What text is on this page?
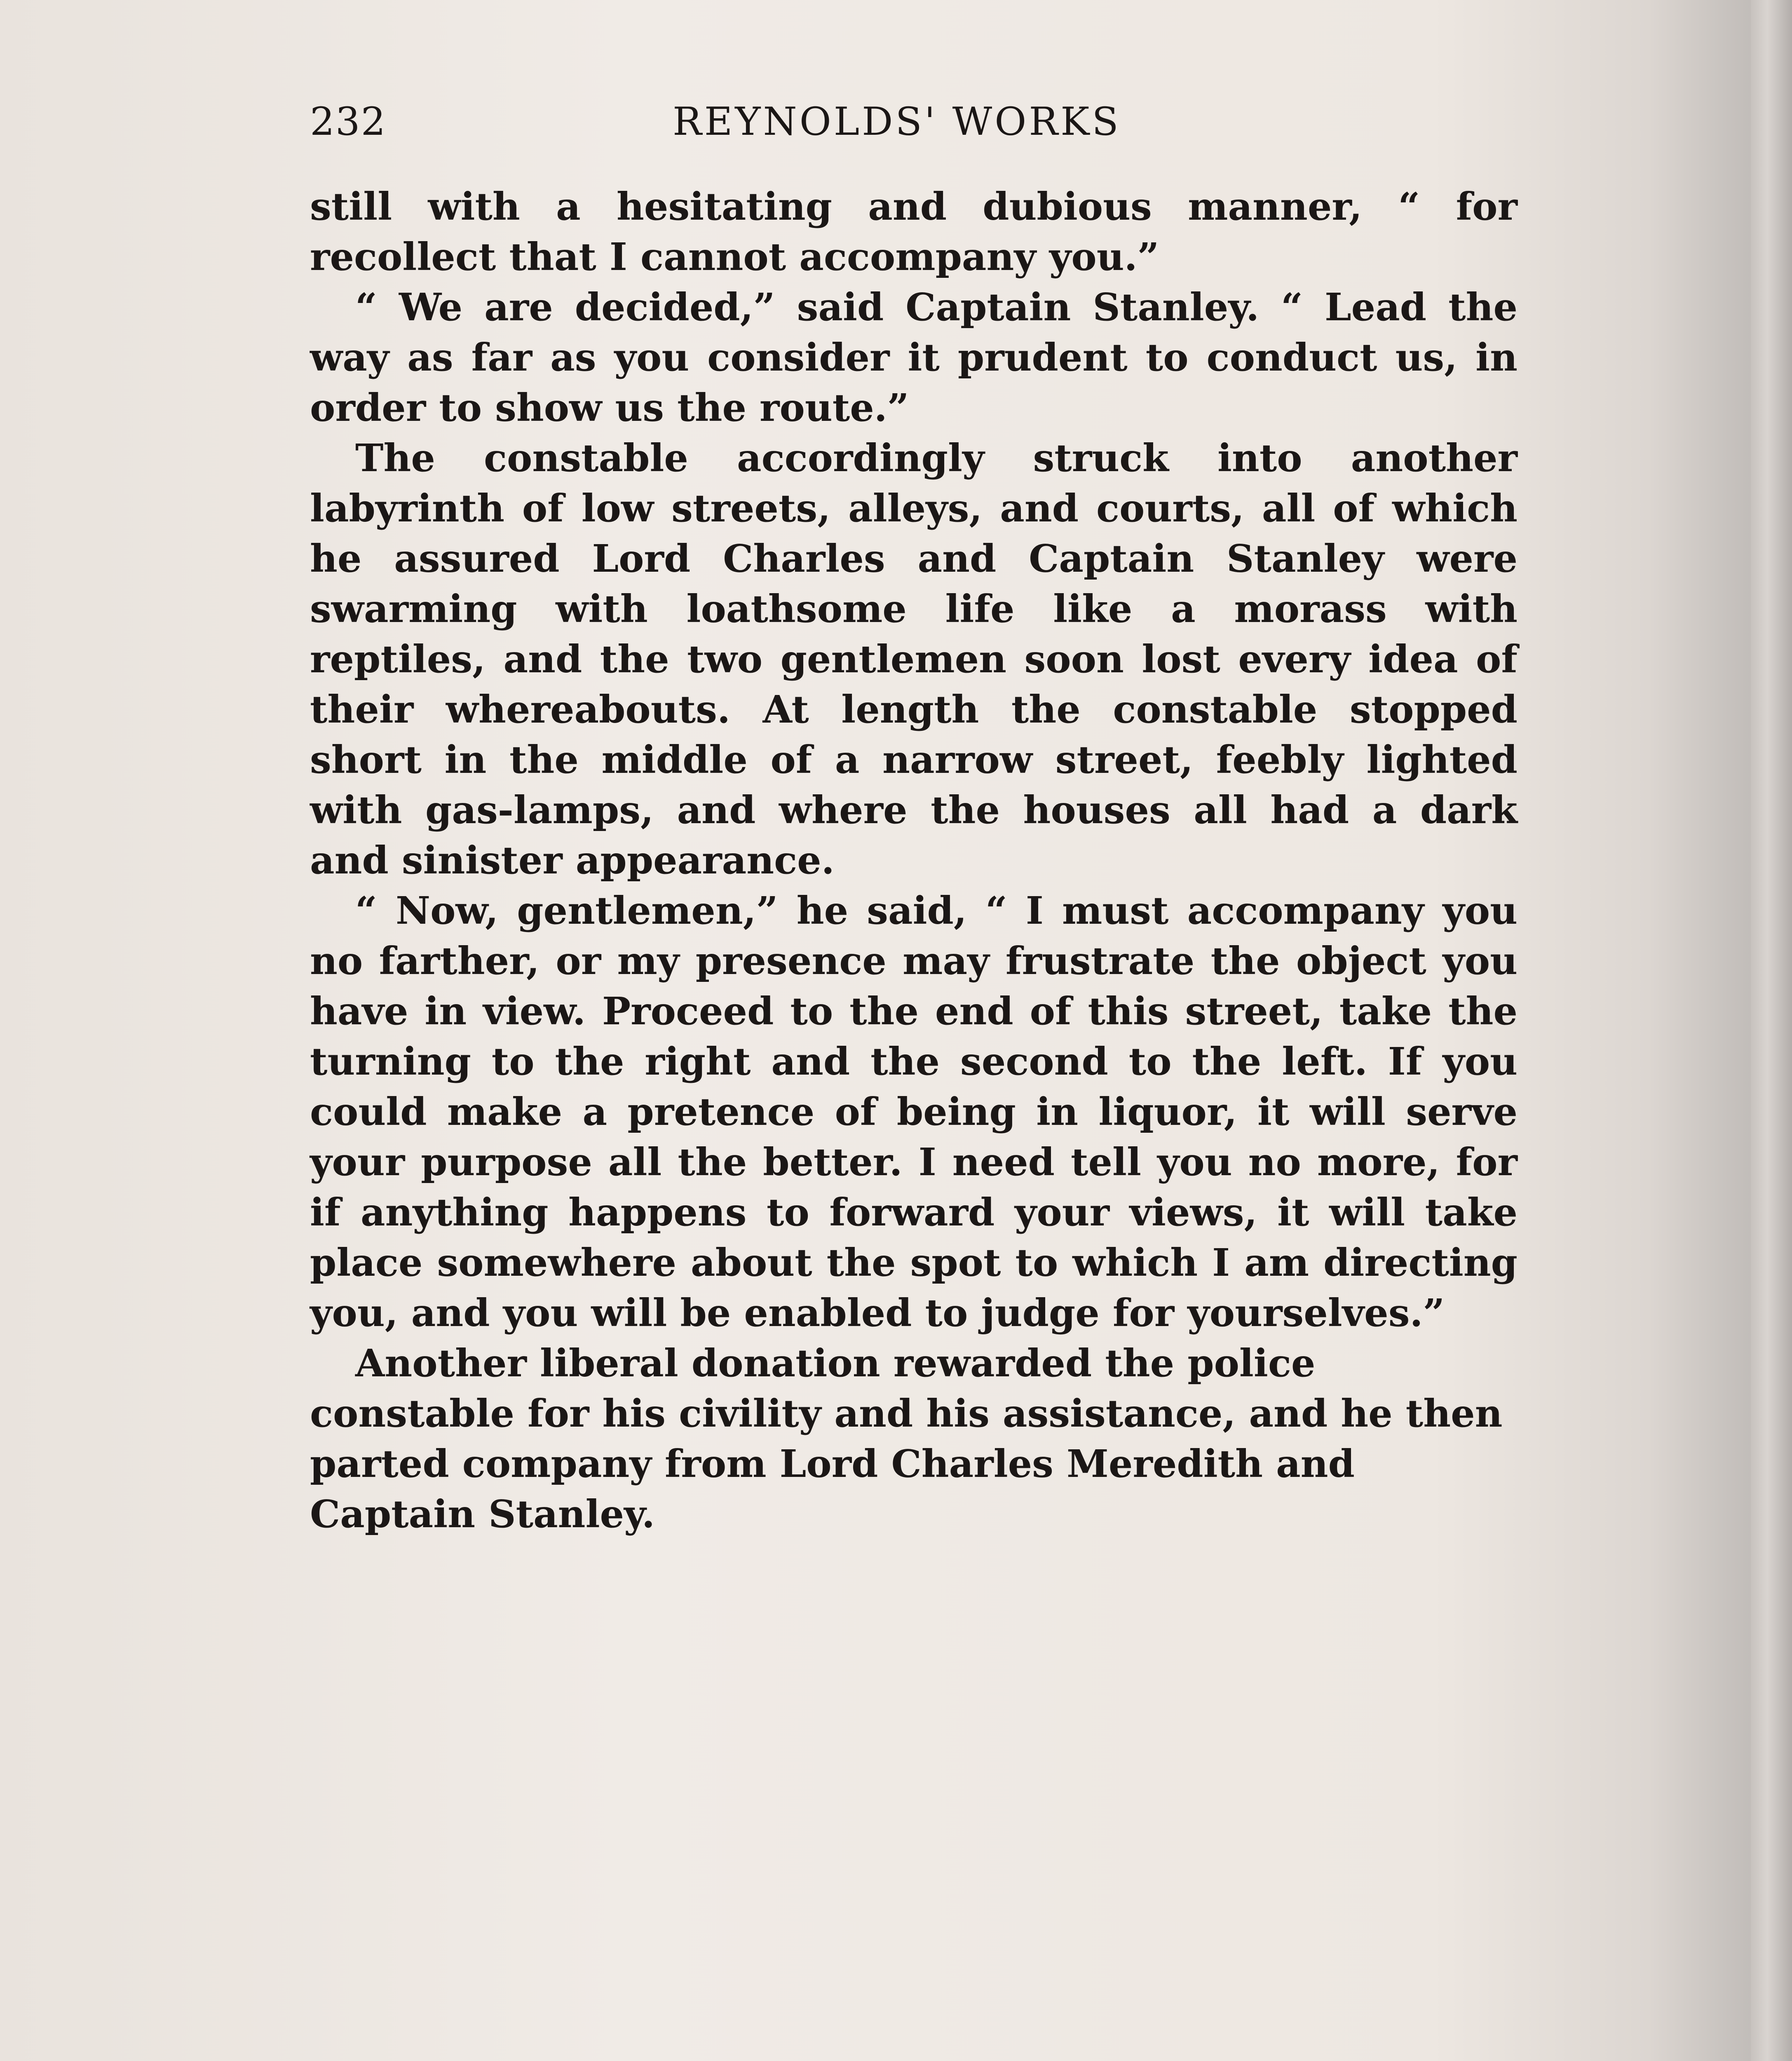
232	REYNOLDS' WORKS

still with a hesitating and dubious manner, “ for recollect that I cannot accompany you.”

“ We are decided,” said Captain Stanley. “ Lead the way as far as you consider it prudent to conduct us, in order to show us the route.”

The constable accordingly struck into another labyrinth of low streets, alleys, and courts, all of which he assured Lord Charles and Captain Stanley were swarming with loathsome life like a morass with reptiles, and the two gentlemen soon lost every idea of their whereabouts. At length the constable stopped short in the middle of a narrow street, feebly lighted with gas-lamps, and where the houses all had a dark and sinister appearance.

“ Now, gentlemen,” he said, “ I must accompany you no farther, or my presence may frustrate the object you have in view. Proceed to the end of this street, take the turning to the right and the second to the left. If you could make a pretence of being in liquor, it will serve your purpose all the better. I need tell you no more, for if anything happens to forward your views, it will take place somewhere about the spot to which I am directing you, and you will be enabled to judge for yourselves.”

Another liberal donation rewarded the police constable for his civility and his assistance, and he then parted company from Lord Charles Meredith and Captain Stanley.
